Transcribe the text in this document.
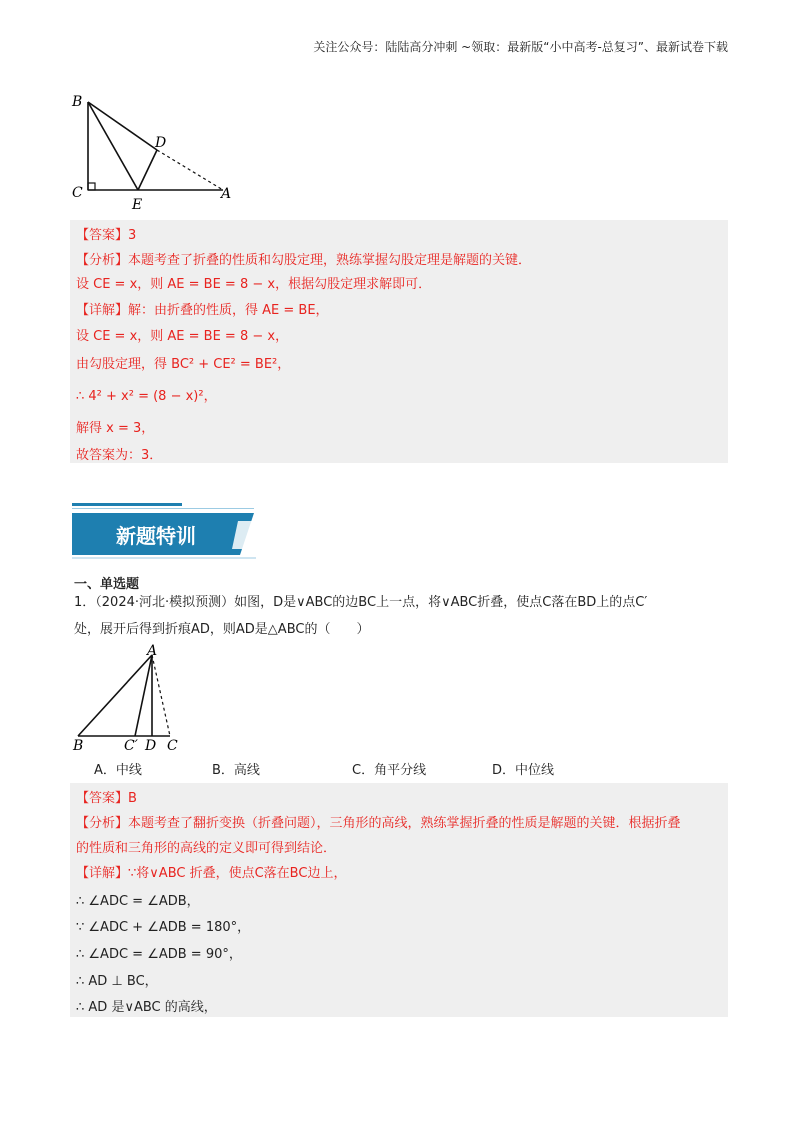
关注公众号：陆陆高分冲刺 ~领取：最新版“小中高考-总复习”、最新试卷下载
B
D
C
E
A
【答案】3
【分析】本题考查了折叠的性质和勾股定理，熟练掌握勾股定理是解题的关键．
设 CE = x，则 AE = BE = 8 − x，根据勾股定理求解即可．
【详解】解：由折叠的性质，得 AE = BE，
设 CE = x，则 AE = BE = 8 − x，
由勾股定理，得 BC² + CE² = BE²，
∴ 4² + x² = (8 − x)²，
解得 x = 3，
故答案为：3．
新题特训
一、单选题
1．（2024·河北·模拟预测）如图，D是∨ABC的边BC上一点，将∨ABC折叠，使点C落在BD上的点C′
处，展开后得到折痕AD，则AD是△ABC的（　　）
A
B	C′ D C
A．中线	B．高线	C．角平分线	D．中位线
【答案】B
【分析】本题考查了翻折变换（折叠问题），三角形的高线，熟练掌握折叠的性质是解题的关键．根据折叠
的性质和三角形的高线的定义即可得到结论．
【详解】∵将∨ABC 折叠，使点C落在BC边上，
∴ ∠ADC = ∠ADB，
∵ ∠ADC + ∠ADB = 180°，
∴ ∠ADC = ∠ADB = 90°，
∴ AD ⊥ BC，
∴ AD 是∨ABC 的高线，
